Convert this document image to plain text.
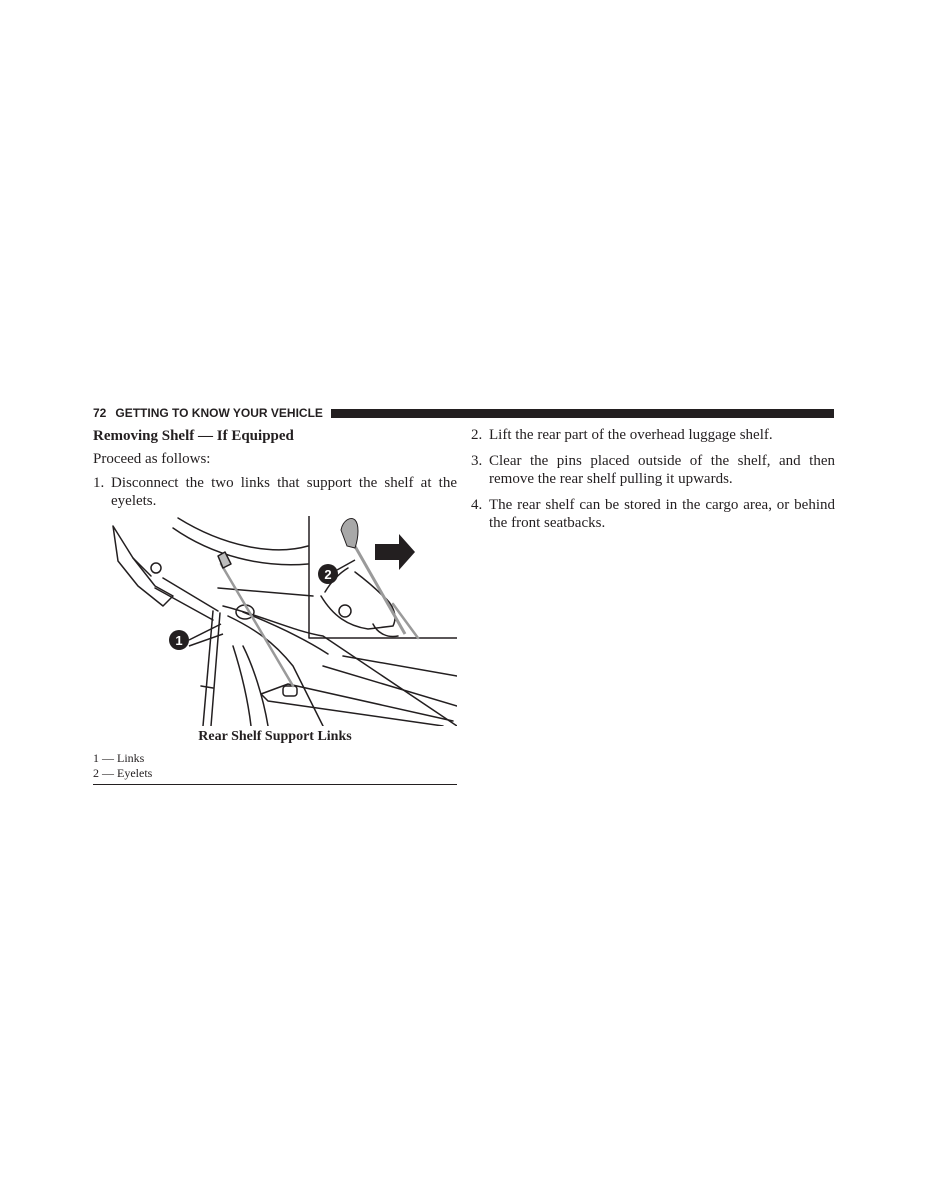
72 GETTING TO KNOW YOUR VEHICLE
Removing Shelf — If Equipped
Proceed as follows:
1. Disconnect the two links that support the shelf at the eyelets.
1
2
Rear Shelf Support Links
1 — Links
2 — Eyelets
2. Lift the rear part of the overhead luggage shelf.
3. Clear the pins placed outside of the shelf, and then remove the rear shelf pulling it upwards.
4. The rear shelf can be stored in the cargo area, or behind the front seatbacks.
